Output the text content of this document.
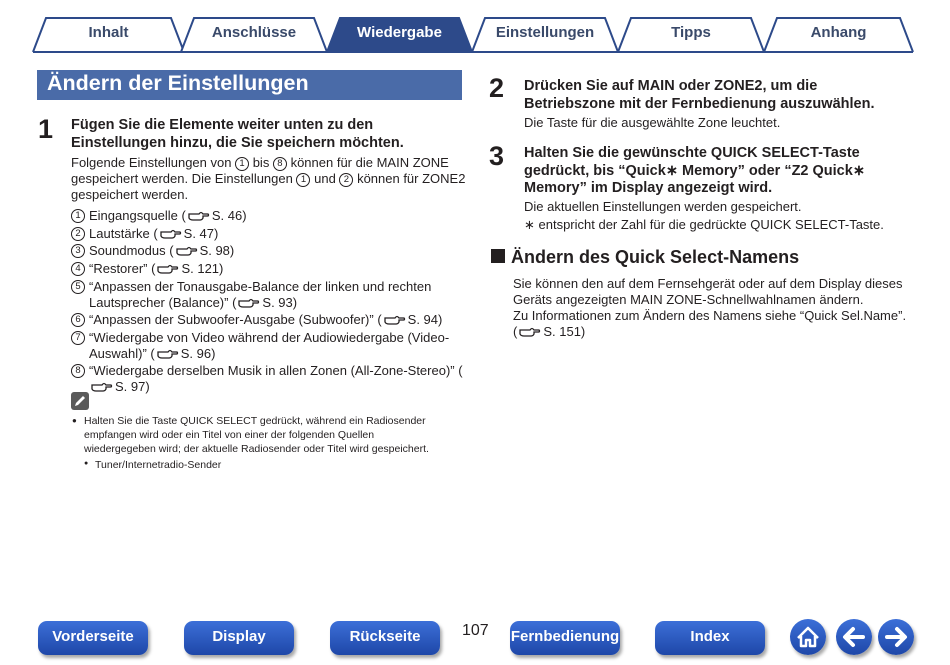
Inhalt	Anschlüsse	Wiedergabe	Einstellungen	Tipps	Anhang
Ändern der Einstellungen
1 Fügen Sie die Elemente weiter unten zu den
Einstellungen hinzu, die Sie speichern möchten.
Folgende Einstellungen von 1 bis 8 können für die MAIN ZONE
gespeichert werden. Die Einstellungen 1 und 2 können für ZONE2
gespeichert werden.
1 Eingangsquelle ( S. 46)
2 Lautstärke ( S. 47)
3 Soundmodus ( S. 98)
4 “Restorer” ( S. 121)
5 “Anpassen der Tonausgabe-Balance der linken und rechten Lautsprecher (Balance)” ( S. 93)
6 “Anpassen der Subwoofer-Ausgabe (Subwoofer)” ( S. 94)
7 “Wiedergabe von Video während der Audiowiedergabe (Video-Auswahl)” ( S. 96)
8 “Wiedergabe derselben Musik in allen Zonen (All-Zone-Stereo)” (S. 97)
● Halten Sie die Taste QUICK SELECT gedrückt, während ein Radiosender
empfangen wird oder ein Titel von einer der folgenden Quellen
wiedergegeben wird; der aktuelle Radiosender oder Titel wird gespeichert.
● Tuner/Internetradio-Sender
2 Drücken Sie auf MAIN oder ZONE2, um die
Betriebszone mit der Fernbedienung auszuwählen.
Die Taste für die ausgewählte Zone leuchtet.
3 Halten Sie die gewünschte QUICK SELECT-Taste
gedrückt, bis “Quick∗ Memory” oder “Z2 Quick∗
Memory” im Display angezeigt wird.
Die aktuellen Einstellungen werden gespeichert.
∗ entspricht der Zahl für die gedrückte QUICK SELECT-Taste.
Ändern des Quick Select-Namens
Sie können den auf dem Fernsehgerät oder auf dem Display dieses
Geräts angezeigten MAIN ZONE-Schnellwahlnamen ändern.
Zu Informationen zum Ändern des Namens siehe “Quick Sel.Name”.
( S. 151)
Vorderseite	Display	Rückseite	107 Fernbedienung	Index
